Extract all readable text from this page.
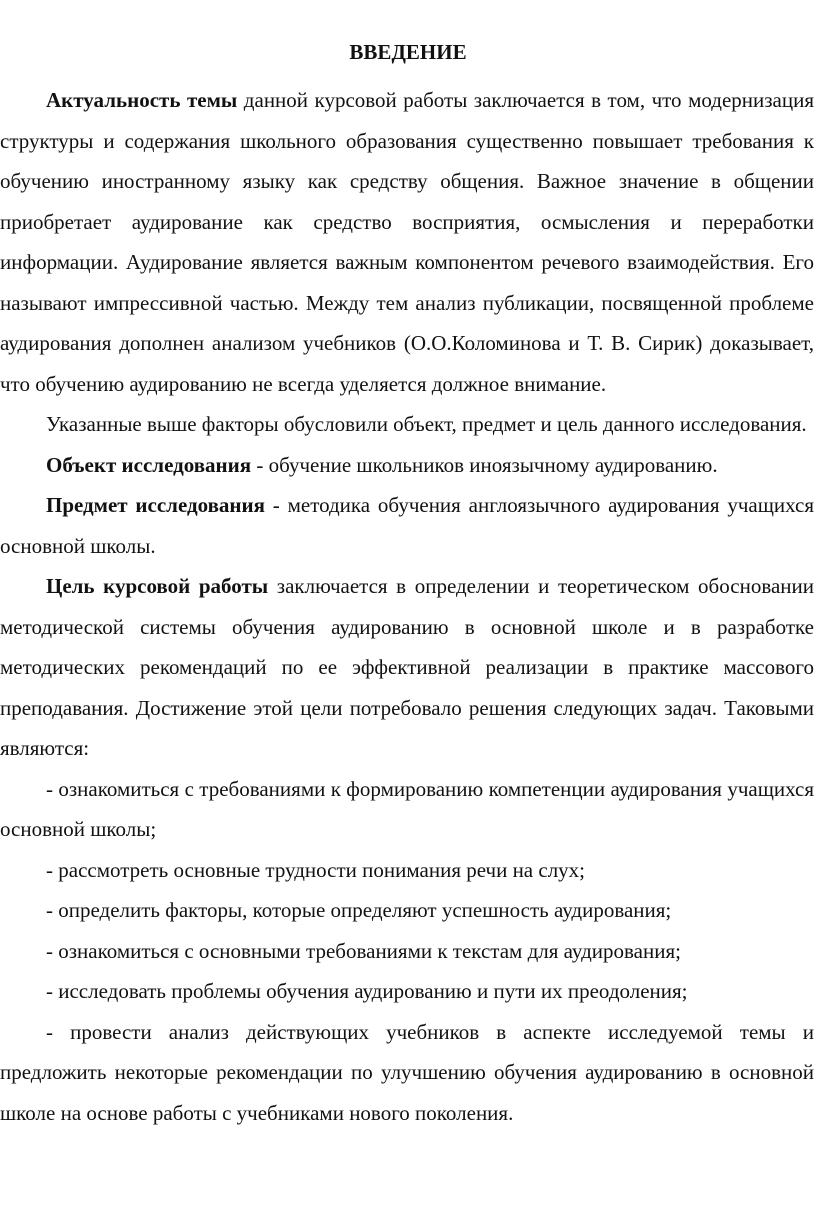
ВВЕДЕНИЕ

Актуальность темы данной курсовой работы заключается в том, что модернизация структуры и содержания школьного образования существенно повышает требования к обучению иностранному языку как средству общения. Важное значение в общении приобретает аудирование как средство восприятия, осмысления и переработки информации. Аудирование является важным компонентом речевого взаимодействия. Его называют импрессивной частью. Между тем анализ публикации, посвященной проблеме аудирования дополнен анализом учебников (О.О.Коломинова и Т. В. Сирик) доказывает, что обучению аудированию не всегда уделяется должное внимание.

Указанные выше факторы обусловили объект, предмет и цель данного исследования.

Объект исследования - обучение школьников иноязычному аудированию.

Предмет исследования - методика обучения англоязычного аудирования учащихся основной школы.

Цель курсовой работы заключается в определении и теоретическом обосновании методической системы обучения аудированию в основной школе и в разработке методических рекомендаций по ее эффективной реализации в практике массового преподавания. Достижение этой цели потребовало решения следующих задач. Таковыми являются:

- ознакомиться с требованиями к формированию компетенции аудирования учащихся основной школы;

- рассмотреть основные трудности понимания речи на слух;

- определить факторы, которые определяют успешность аудирования;

- ознакомиться с основными требованиями к текстам для аудирования;

- исследовать проблемы обучения аудированию и пути их преодоления;

- провести анализ действующих учебников в аспекте исследуемой темы и предложить некоторые рекомендации по улучшению обучения аудированию в основной школе на основе работы с учебниками нового поколения.
